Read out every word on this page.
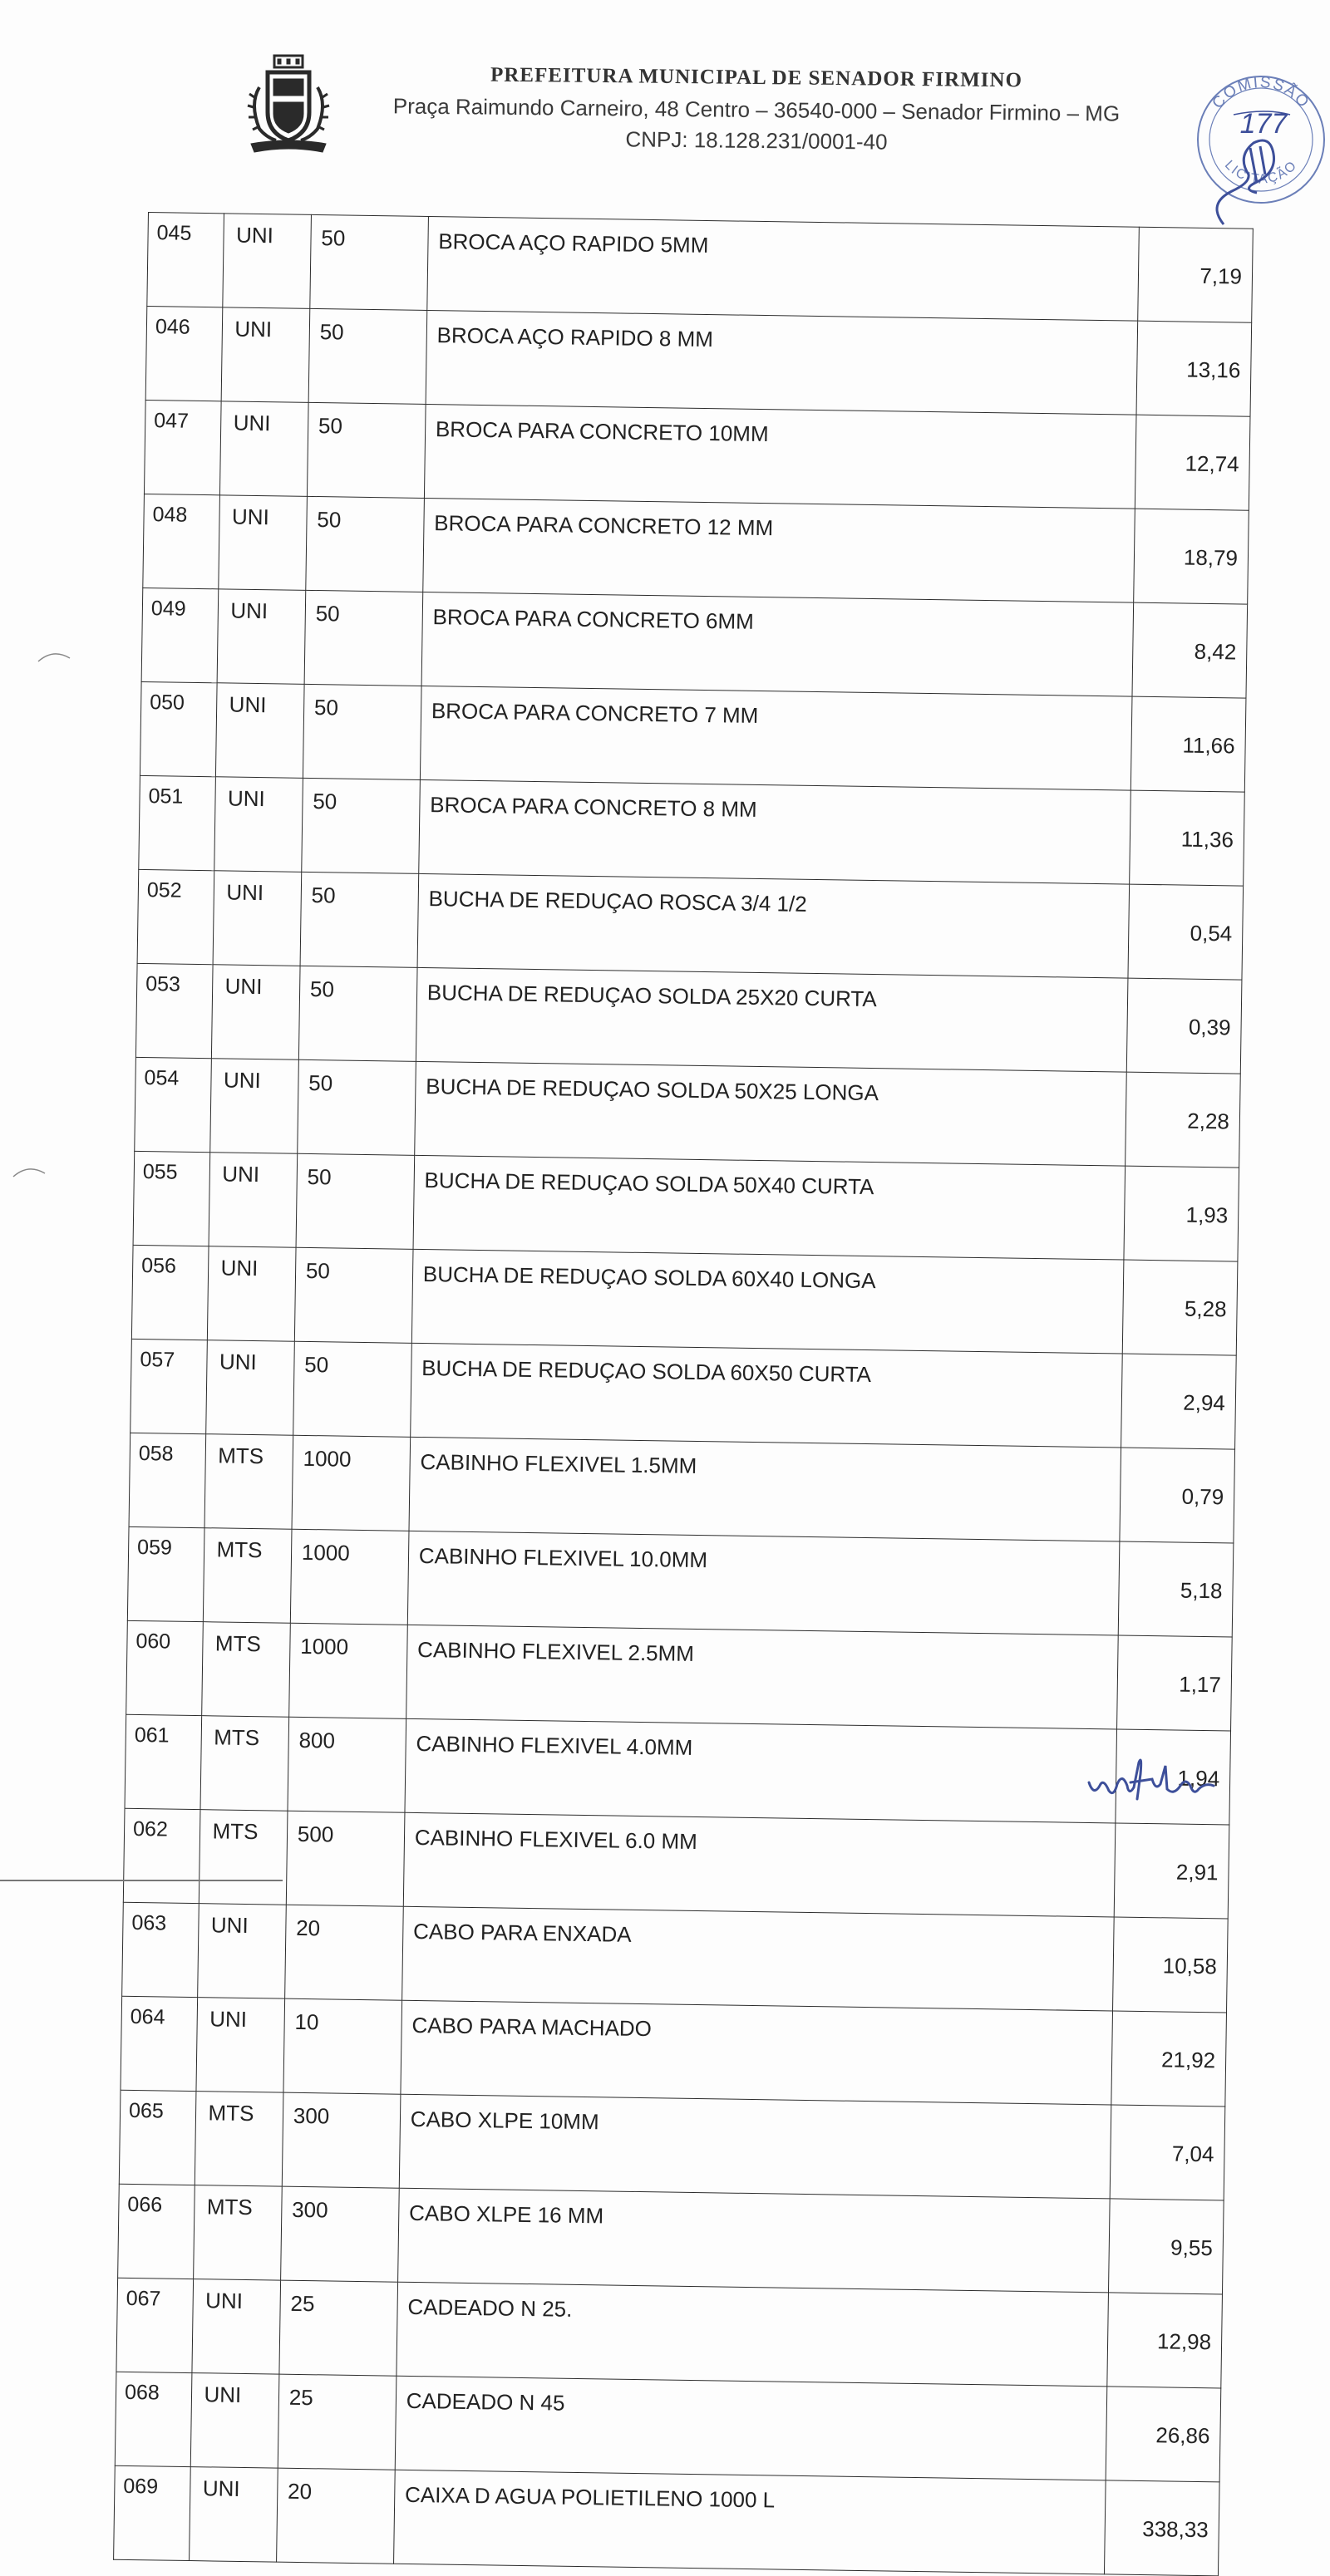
PREFEITURA MUNICIPAL DE SENADOR FIRMINO
Praça Raimundo Carneiro, 48 Centro – 36540-000 – Senador Firmino – MG
CNPJ: 18.128.231/0001-40
COMISSÃO
LICITAÇÃO
177
045	UNI	50	BROCA AÇO RAPIDO 5MM	7,19
046	UNI	50	BROCA AÇO RAPIDO 8 MM	13,16
047	UNI	50	BROCA PARA CONCRETO 10MM	12,74
048	UNI	50	BROCA PARA CONCRETO 12 MM	18,79
049	UNI	50	BROCA PARA CONCRETO 6MM	8,42
050	UNI	50	BROCA PARA CONCRETO 7 MM	11,66
051	UNI	50	BROCA PARA CONCRETO 8 MM	11,36
052	UNI	50	BUCHA DE REDUÇAO ROSCA 3/4 1/2	0,54
053	UNI	50	BUCHA DE REDUÇAO SOLDA 25X20 CURTA	0,39
054	UNI	50	BUCHA DE REDUÇAO SOLDA 50X25 LONGA	2,28
055	UNI	50	BUCHA DE REDUÇAO SOLDA 50X40 CURTA	1,93
056	UNI	50	BUCHA DE REDUÇAO SOLDA 60X40 LONGA	5,28
057	UNI	50	BUCHA DE REDUÇAO SOLDA 60X50 CURTA	2,94
058	MTS	1000	CABINHO FLEXIVEL 1.5MM	0,79
059	MTS	1000	CABINHO FLEXIVEL 10.0MM	5,18
060	MTS	1000	CABINHO FLEXIVEL 2.5MM	1,17
061	MTS	800	CABINHO FLEXIVEL 4.0MM	1,94
062	MTS	500	CABINHO FLEXIVEL 6.0 MM	2,91
063	UNI	20	CABO PARA ENXADA	10,58
064	UNI	10	CABO PARA MACHADO	21,92
065	MTS	300	CABO XLPE 10MM	7,04
066	MTS	300	CABO XLPE 16 MM	9,55
067	UNI	25	CADEADO N 25.	12,98
068	UNI	25	CADEADO N 45	26,86
069	UNI	20	CAIXA D AGUA POLIETILENO 1000 L	338,33
